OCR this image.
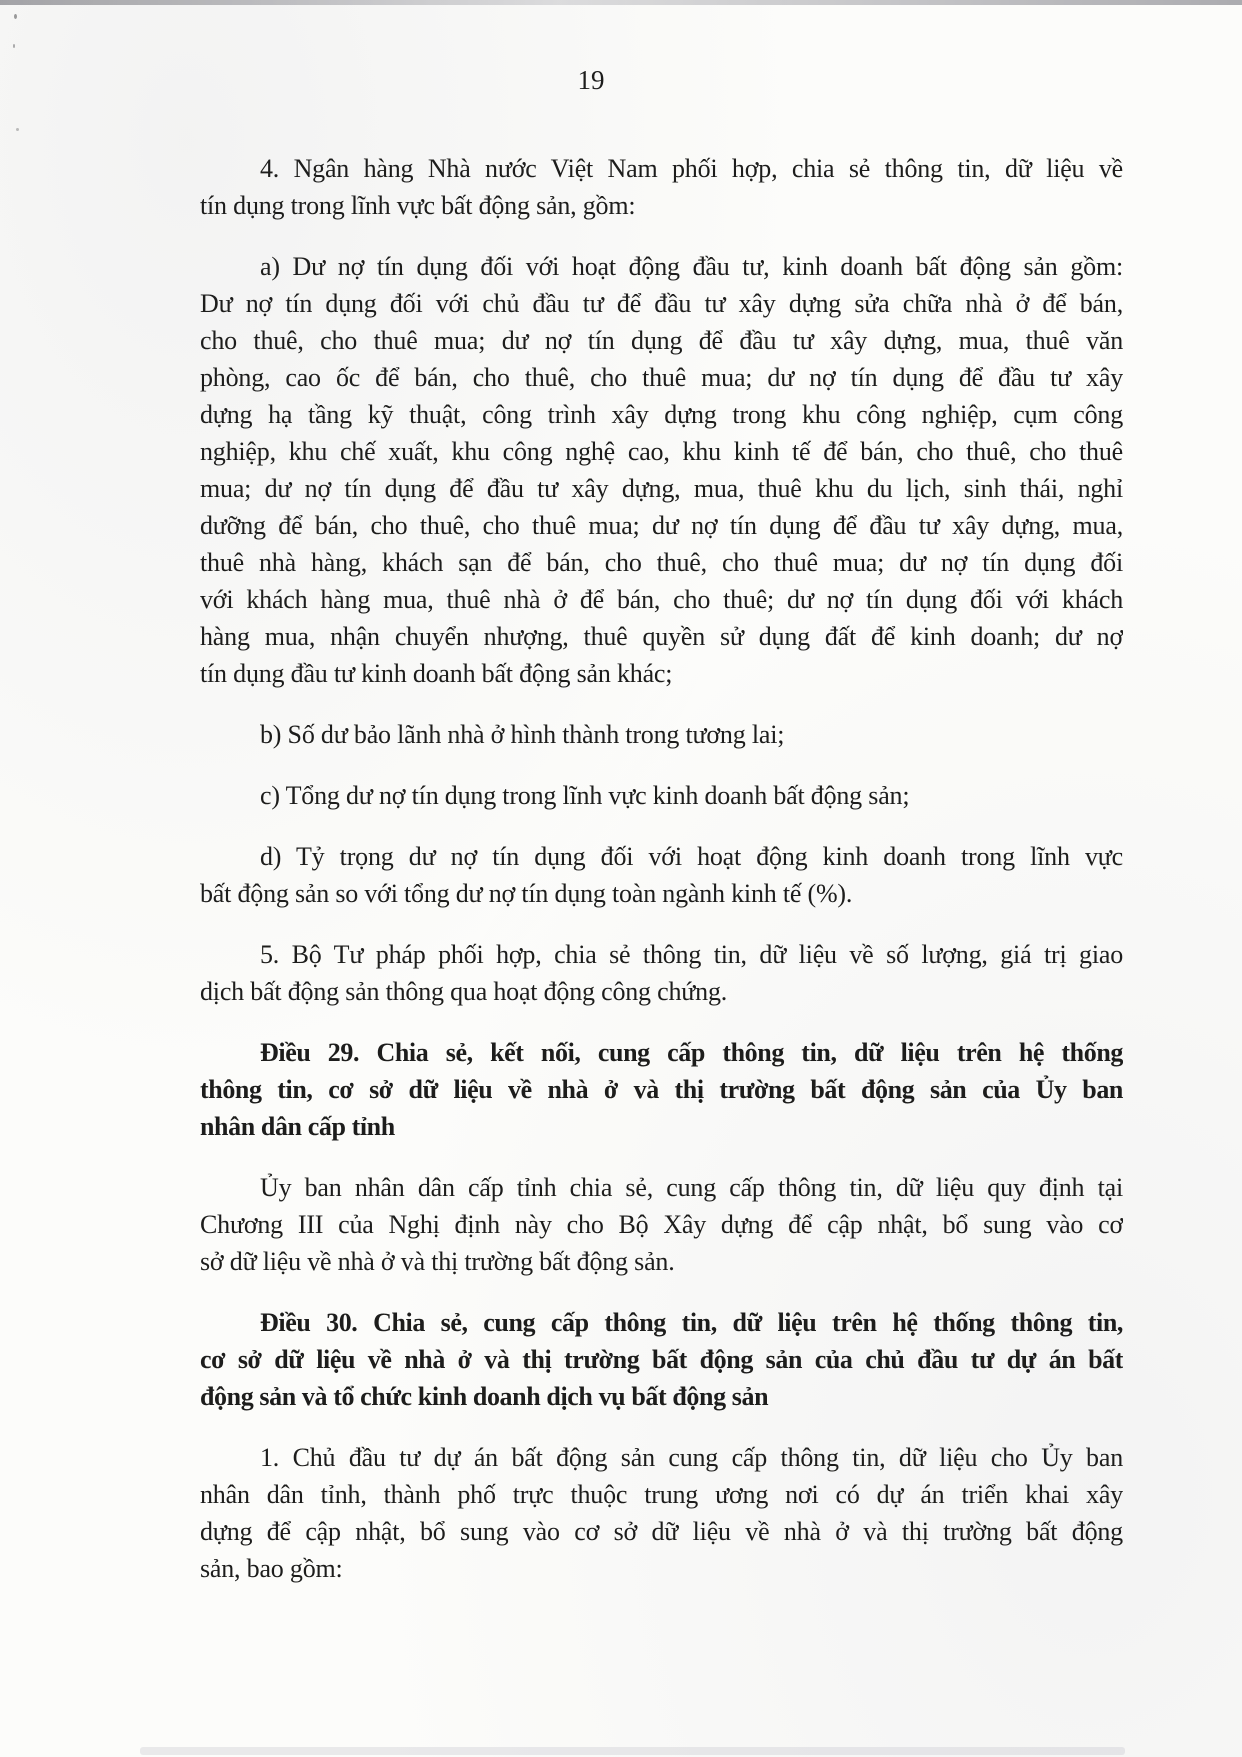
19
4. Ngân hàng Nhà nước Việt Nam phối hợp, chia sẻ thông tin, dữ liệu về
tín dụng trong lĩnh vực bất động sản, gồm:
a) Dư nợ tín dụng đối với hoạt động đầu tư, kinh doanh bất động sản gồm:
Dư nợ tín dụng đối với chủ đầu tư để đầu tư xây dựng sửa chữa nhà ở để bán,
cho thuê, cho thuê mua; dư nợ tín dụng để đầu tư xây dựng, mua, thuê văn
phòng, cao ốc để bán, cho thuê, cho thuê mua; dư nợ tín dụng để đầu tư xây
dựng hạ tầng kỹ thuật, công trình xây dựng trong khu công nghiệp, cụm công
nghiệp, khu chế xuất, khu công nghệ cao, khu kinh tế để bán, cho thuê, cho thuê
mua; dư nợ tín dụng để đầu tư xây dựng, mua, thuê khu du lịch, sinh thái, nghỉ
dưỡng để bán, cho thuê, cho thuê mua; dư nợ tín dụng để đầu tư xây dựng, mua,
thuê nhà hàng, khách sạn để bán, cho thuê, cho thuê mua; dư nợ tín dụng đối
với khách hàng mua, thuê nhà ở để bán, cho thuê; dư nợ tín dụng đối với khách
hàng mua, nhận chuyển nhượng, thuê quyền sử dụng đất để kinh doanh; dư nợ
tín dụng đầu tư kinh doanh bất động sản khác;
b) Số dư bảo lãnh nhà ở hình thành trong tương lai;
c) Tổng dư nợ tín dụng trong lĩnh vực kinh doanh bất động sản;
d) Tỷ trọng dư nợ tín dụng đối với hoạt động kinh doanh trong lĩnh vực
bất động sản so với tổng dư nợ tín dụng toàn ngành kinh tế (%).
5. Bộ Tư pháp phối hợp, chia sẻ thông tin, dữ liệu về số lượng, giá trị giao
dịch bất động sản thông qua hoạt động công chứng.
Điều 29. Chia sẻ, kết nối, cung cấp thông tin, dữ liệu trên hệ thống
thông tin, cơ sở dữ liệu về nhà ở và thị trường bất động sản của Ủy ban
nhân dân cấp tỉnh
Ủy ban nhân dân cấp tỉnh chia sẻ, cung cấp thông tin, dữ liệu quy định tại
Chương III của Nghị định này cho Bộ Xây dựng để cập nhật, bổ sung vào cơ
sở dữ liệu về nhà ở và thị trường bất động sản.
Điều 30. Chia sẻ, cung cấp thông tin, dữ liệu trên hệ thống thông tin,
cơ sở dữ liệu về nhà ở và thị trường bất động sản của chủ đầu tư dự án bất
động sản và tổ chức kinh doanh dịch vụ bất động sản
1. Chủ đầu tư dự án bất động sản cung cấp thông tin, dữ liệu cho Ủy ban
nhân dân tỉnh, thành phố trực thuộc trung ương nơi có dự án triển khai xây
dựng để cập nhật, bổ sung vào cơ sở dữ liệu về nhà ở và thị trường bất động
sản, bao gồm:
